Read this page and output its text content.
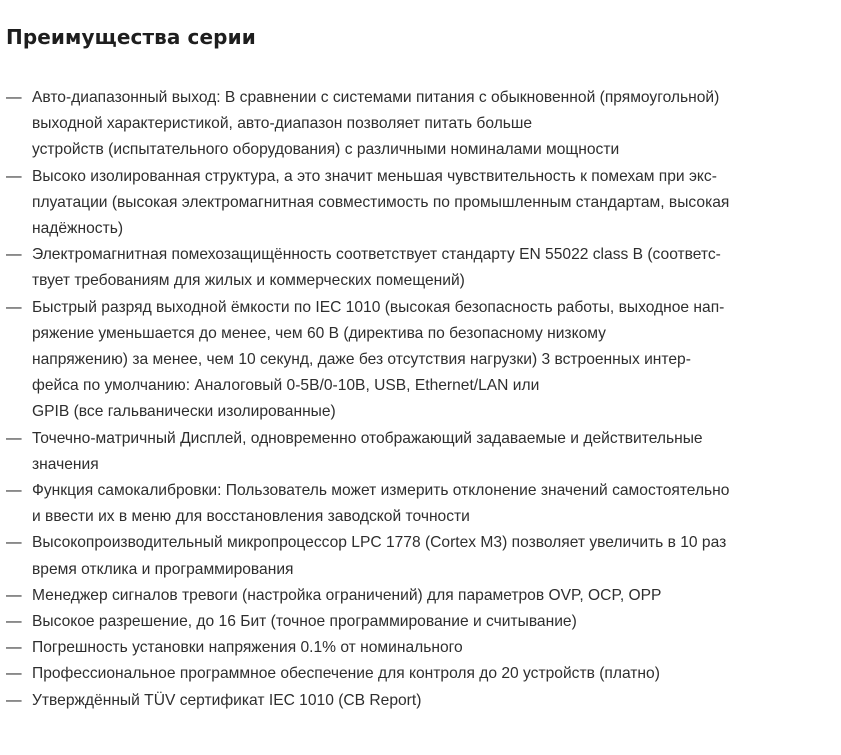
Преимущества серии
— Авто-диапазонный выход: В сравнении с системами питания с обыкновенной (прямоугольной)
выходной характеристикой, авто-диапазон позволяет питать больше
устройств (испытательного оборудования) с различными номиналами мощности
— Высоко изолированная структура, а это значит меньшая чувствительность к помехам при экс-
плуатации (высокая электромагнитная совместимость по промышленным стандартам, высокая
надёжность)
— Электромагнитная помехозащищённость соответствует стандарту EN 55022 class B (соответс-
твует требованиям для жилых и коммерческих помещений)
— Быстрый разряд выходной ёмкости по IEC 1010 (высокая безопасность работы, выходное нап-
ряжение уменьшается до менее, чем 60 В (директива по безопасному низкому
напряжению) за менее, чем 10 секунд, даже без отсутствия нагрузки) 3 встроенных интер-
фейса по умолчанию: Аналоговый 0-5В/0-10В, USB, Ethernet/LAN или
GPIB (все гальванически изолированные)
— Точечно-матричный Дисплей, одновременно отображающий задаваемые и действительные
значения
— Функция самокалибровки: Пользователь может измерить отклонение значений самостоятельно
и ввести их в меню для восстановления заводской точности
— Высокопроизводительный микропроцессор LPC 1778 (Cortex M3) позволяет увеличить в 10 раз
время отклика и программирования
— Менеджер сигналов тревоги (настройка ограничений) для параметров OVP, OCP, OPP
— Высокое разрешение, до 16 Бит (точное программирование и считывание)
— Погрешность установки напряжения 0.1% от номинального
— Профессиональное программное обеспечение для контроля до 20 устройств (платно)
— Утверждённый TÜV сертификат IEC 1010 (CB Report)
